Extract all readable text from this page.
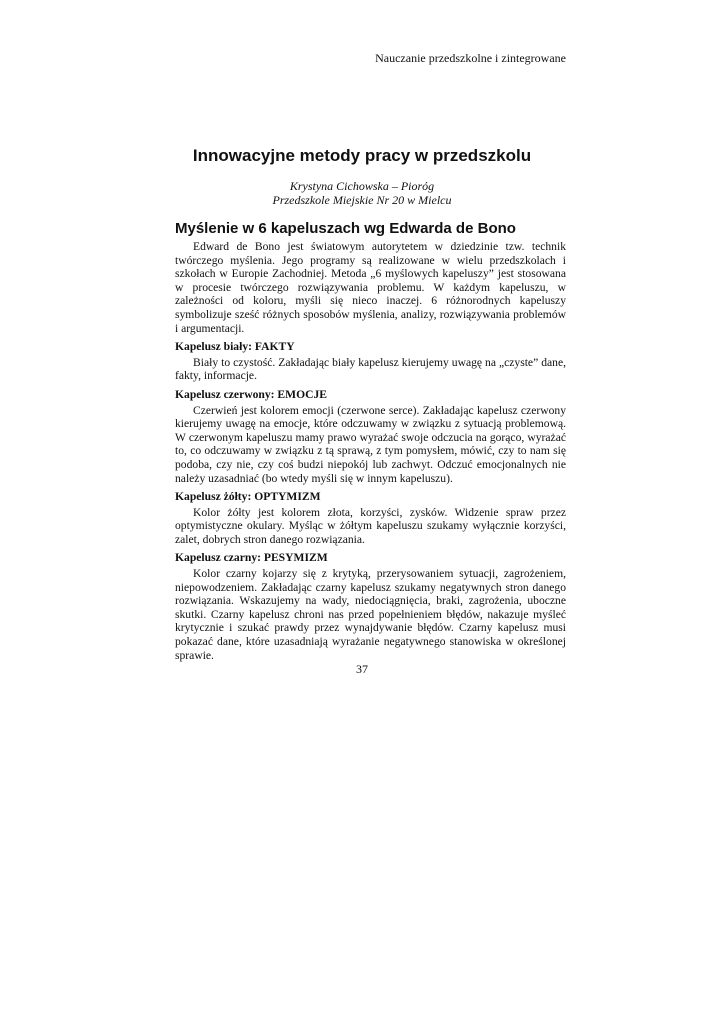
Nauczanie przedszkolne i zintegrowane
Innowacyjne metody pracy w przedszkolu
Krystyna Cichowska – Piorόg
Przedszkole Miejskie Nr 20 w Mielcu
Myślenie w 6 kapeluszach wg Edwarda de Bono

Edward de Bono jest światowym autorytetem w dziedzinie tzw. technik twórczego myślenia. Jego programy są realizowane w wielu przedszkolach i szkołach w Europie Zachodniej. Metoda „6 myślowych kapeluszy” jest stosowana w procesie twórczego rozwiązywania problemu. W każdym kapeluszu, w zależności od koloru, myśli się nieco inaczej. 6 różnorodnych kapeluszy symbolizuje sześć różnych sposobów myślenia, analizy, rozwiązywania problemów i argumentacji.

Kapelusz biały: FAKTY

Biały to czystość. Zakładając biały kapelusz kierujemy uwagę na „czyste” dane, fakty, informacje.

Kapelusz czerwony: EMOCJE

Czerwień jest kolorem emocji (czerwone serce). Zakładając kapelusz czerwony kierujemy uwagę na emocje, które odczuwamy w związku z sytuacją problemową. W czerwonym kapeluszu mamy prawo wyrażać swoje odczucia na gorąco, wyrażać to, co odczuwamy w związku z tą sprawą, z tym pomysłem, mówić, czy to nam się podoba, czy nie, czy coś budzi niepokój lub zachwyt. Odczuć emocjonalnych nie należy uzasadniać (bo wtedy myśli się w innym kapeluszu).

Kapelusz żółty: OPTYMIZM

Kolor żółty jest kolorem złota, korzyści, zysków. Widzenie spraw przez optymistyczne okulary. Myśląc w żółtym kapeluszu szukamy wyłącznie korzyści, zalet, dobrych stron danego rozwiązania.

Kapelusz czarny: PESYMIZM

Kolor czarny kojarzy się z krytyką, przerysowaniem sytuacji, zagrożeniem, niepowodzeniem. Zakładając czarny kapelusz szukamy negatywnych stron danego rozwiązania. Wskazujemy na wady, niedociągnięcia, braki, zagrożenia, uboczne skutki. Czarny kapelusz chroni nas przed popełnieniem błędów, nakazuje myśleć krytycznie i szukać prawdy przez wynajdywanie błędów. Czarny kapelusz musi pokazać dane, które uzasadniają wyrażanie negatywnego stanowiska w określonej sprawie.

37
